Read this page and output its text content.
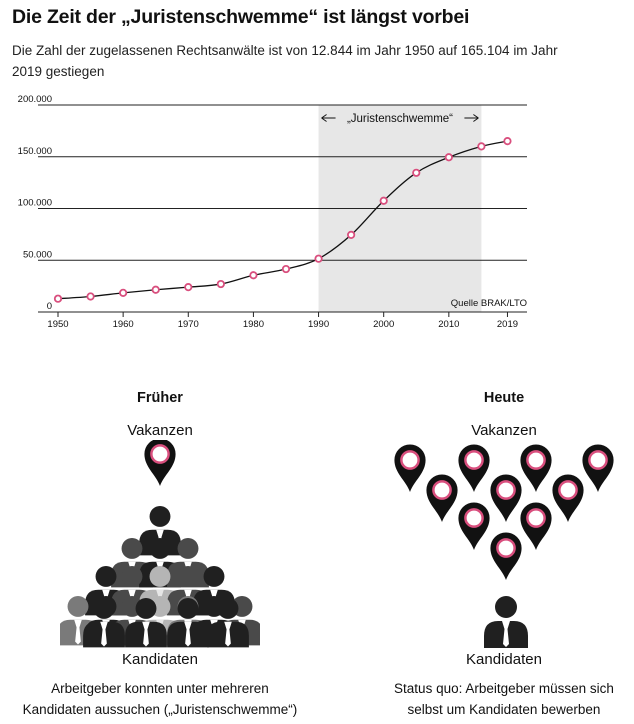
Die Zeit der „Juristenschwemme“ ist längst vorbei
Die Zahl der zugelassenen Rechtsanwälte ist von 12.844 im Jahr 1950 auf 165.104 im Jahr 2019 gestiegen
0
50.000
100.000
150.000
200.000
1950	1960	1970	1980	1990	2000	2010	2019
„Juristenschwemme“
Quelle BRAK/LTO
Früher
Vakanzen
Kandidaten
Arbeitgeber konnten unter mehreren
Kandidaten aussuchen („Juristenschwemme“)
Heute
Vakanzen
Kandidaten
Status quo: Arbeitgeber müssen sich
selbst um Kandidaten bewerben
